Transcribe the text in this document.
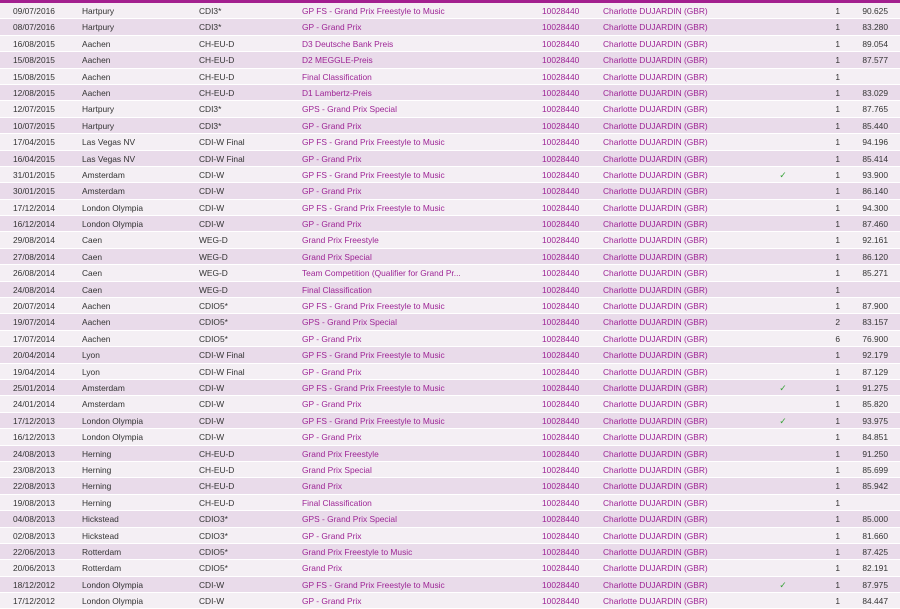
09/07/2016	Hartpury	CDI3*	GP FS - Grand Prix Freestyle to Music	10028440	Charlotte DUJARDIN (GBR)	1	90.625
08/07/2016	Hartpury	CDI3*	GP - Grand Prix	10028440	Charlotte DUJARDIN (GBR)	1	83.280
16/08/2015	Aachen	CH-EU-D	D3 Deutsche Bank Preis	10028440	Charlotte DUJARDIN (GBR)	1	89.054
15/08/2015	Aachen	CH-EU-D	D2 MEGGLE-Preis	10028440	Charlotte DUJARDIN (GBR)	1	87.577
15/08/2015	Aachen	CH-EU-D	Final Classification	10028440	Charlotte DUJARDIN (GBR)	1
12/08/2015	Aachen	CH-EU-D	D1 Lambertz-Preis	10028440	Charlotte DUJARDIN (GBR)	1	83.029
12/07/2015	Hartpury	CDI3*	GPS - Grand Prix Special	10028440	Charlotte DUJARDIN (GBR)	1	87.765
10/07/2015	Hartpury	CDI3*	GP - Grand Prix	10028440	Charlotte DUJARDIN (GBR)	1	85.440
17/04/2015	Las Vegas NV	CDI-W Final	GP FS - Grand Prix Freestyle to Music	10028440	Charlotte DUJARDIN (GBR)	1	94.196
16/04/2015	Las Vegas NV	CDI-W Final	GP - Grand Prix	10028440	Charlotte DUJARDIN (GBR)	1	85.414
31/01/2015	Amsterdam	CDI-W	GP FS - Grand Prix Freestyle to Music	10028440	Charlotte DUJARDIN (GBR)	✓	1	93.900
30/01/2015	Amsterdam	CDI-W	GP - Grand Prix	10028440	Charlotte DUJARDIN (GBR)	1	86.140
17/12/2014	London Olympia	CDI-W	GP FS - Grand Prix Freestyle to Music	10028440	Charlotte DUJARDIN (GBR)	1	94.300
16/12/2014	London Olympia	CDI-W	GP - Grand Prix	10028440	Charlotte DUJARDIN (GBR)	1	87.460
29/08/2014	Caen	WEG-D	Grand Prix Freestyle	10028440	Charlotte DUJARDIN (GBR)	1	92.161
27/08/2014	Caen	WEG-D	Grand Prix Special	10028440	Charlotte DUJARDIN (GBR)	1	86.120
26/08/2014	Caen	WEG-D	Team Competition (Qualifier for Grand Pr...	10028440	Charlotte DUJARDIN (GBR)	1	85.271
24/08/2014	Caen	WEG-D	Final Classification	10028440	Charlotte DUJARDIN (GBR)	1
20/07/2014	Aachen	CDIO5*	GP FS - Grand Prix Freestyle to Music	10028440	Charlotte DUJARDIN (GBR)	1	87.900
19/07/2014	Aachen	CDIO5*	GPS - Grand Prix Special	10028440	Charlotte DUJARDIN (GBR)	2	83.157
17/07/2014	Aachen	CDIO5*	GP - Grand Prix	10028440	Charlotte DUJARDIN (GBR)	6	76.900
20/04/2014	Lyon	CDI-W Final	GP FS - Grand Prix Freestyle to Music	10028440	Charlotte DUJARDIN (GBR)	1	92.179
19/04/2014	Lyon	CDI-W Final	GP - Grand Prix	10028440	Charlotte DUJARDIN (GBR)	1	87.129
25/01/2014	Amsterdam	CDI-W	GP FS - Grand Prix Freestyle to Music	10028440	Charlotte DUJARDIN (GBR)	✓	1	91.275
24/01/2014	Amsterdam	CDI-W	GP - Grand Prix	10028440	Charlotte DUJARDIN (GBR)	1	85.820
17/12/2013	London Olympia	CDI-W	GP FS - Grand Prix Freestyle to Music	10028440	Charlotte DUJARDIN (GBR)	✓	1	93.975
16/12/2013	London Olympia	CDI-W	GP - Grand Prix	10028440	Charlotte DUJARDIN (GBR)	1	84.851
24/08/2013	Herning	CH-EU-D	Grand Prix Freestyle	10028440	Charlotte DUJARDIN (GBR)	1	91.250
23/08/2013	Herning	CH-EU-D	Grand Prix Special	10028440	Charlotte DUJARDIN (GBR)	1	85.699
22/08/2013	Herning	CH-EU-D	Grand Prix	10028440	Charlotte DUJARDIN (GBR)	1	85.942
19/08/2013	Herning	CH-EU-D	Final Classification	10028440	Charlotte DUJARDIN (GBR)	1
04/08/2013	Hickstead	CDIO3*	GPS - Grand Prix Special	10028440	Charlotte DUJARDIN (GBR)	1	85.000
02/08/2013	Hickstead	CDIO3*	GP - Grand Prix	10028440	Charlotte DUJARDIN (GBR)	1	81.660
22/06/2013	Rotterdam	CDIO5*	Grand Prix Freestyle to Music	10028440	Charlotte DUJARDIN (GBR)	1	87.425
20/06/2013	Rotterdam	CDIO5*	Grand Prix	10028440	Charlotte DUJARDIN (GBR)	1	82.191
18/12/2012	London Olympia	CDI-W	GP FS - Grand Prix Freestyle to Music	10028440	Charlotte DUJARDIN (GBR)	✓	1	87.975
17/12/2012	London Olympia	CDI-W	GP - Grand Prix	10028440	Charlotte DUJARDIN (GBR)	1	84.447
